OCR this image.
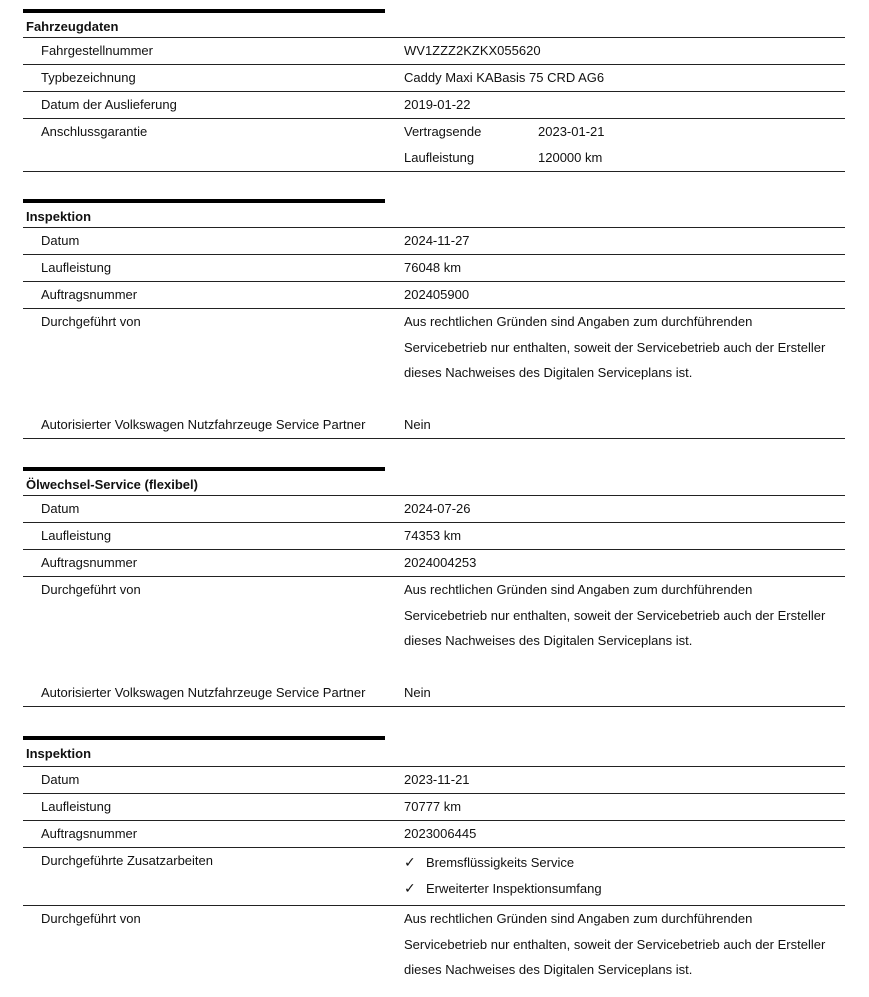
Fahrzeugdaten
Fahrgestellnummer	WV1ZZZ2KZKX055620
Typbezeichnung	Caddy Maxi KABasis 75 CRD AG6
Datum der Auslieferung	2019-01-22
Anschlussgarantie	Vertragsende	2023-01-21
Laufleistung	120000 km
Inspektion
Datum	2024-11-27
Laufleistung	76048 km
Auftragsnummer	202405900
Durchgeführt von	Aus rechtlichen Gründen sind Angaben zum durchführenden
Servicebetrieb nur enthalten, soweit der Servicebetrieb auch der Ersteller
dieses Nachweises des Digitalen Serviceplans ist.
Autorisierter Volkswagen Nutzfahrzeuge Service Partner	Nein
Ölwechsel-Service (flexibel)
Datum	2024-07-26
Laufleistung	74353 km
Auftragsnummer	2024004253
Durchgeführt von	Aus rechtlichen Gründen sind Angaben zum durchführenden
Servicebetrieb nur enthalten, soweit der Servicebetrieb auch der Ersteller
dieses Nachweises des Digitalen Serviceplans ist.
Autorisierter Volkswagen Nutzfahrzeuge Service Partner	Nein
Inspektion
Datum	2023-11-21
Laufleistung	70777 km
Auftragsnummer	2023006445
Durchgeführte Zusatzarbeiten	✓ Bremsflüssigkeits Service
✓ Erweiterter Inspektionsumfang
Durchgeführt von	Aus rechtlichen Gründen sind Angaben zum durchführenden
Servicebetrieb nur enthalten, soweit der Servicebetrieb auch der Ersteller
dieses Nachweises des Digitalen Serviceplans ist.
